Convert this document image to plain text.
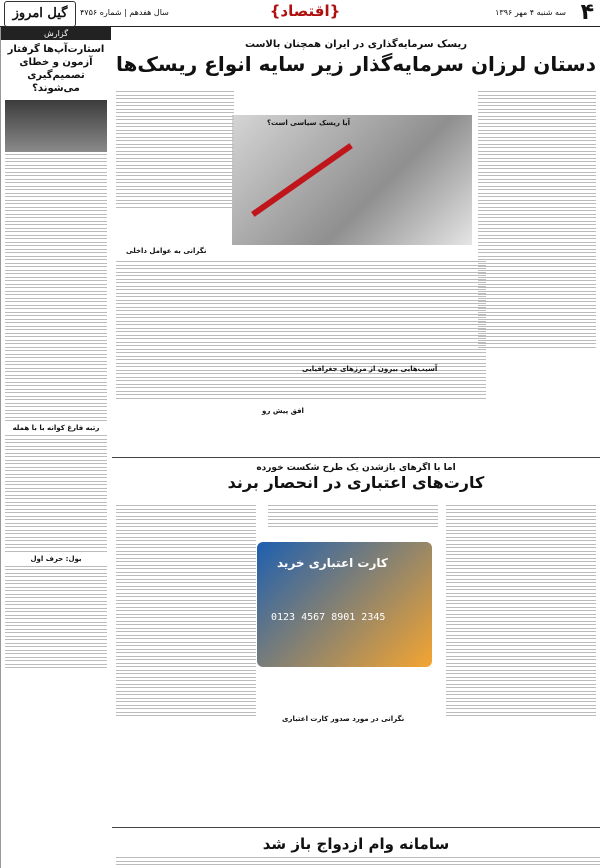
۴
سه شنبه ۴ مهر ۱۳۹۶
{اقتصاد}
سال هفدهم | شماره ۴۷۵۶
گیل امروز
گزارش
استارت‌آپ‌ها گرفتار آزمون و خطای تصمیم‌گیری می‌شوند؟
رتبه فارغ کوانه با با همله
بول: حرف اول
ریسک سرمایه‌گذاری در ایران همچنان بالاست
دستان لرزان سرمایه‌گذار زیر سایه انواع ریسک‌ها
آیا ریسک سیاسی است؟
نگرانی به عوامل داخلی
افق پیش رو
آسیب‌هایی بیرون از مرزهای جغرافیایی
اما با اگرهای بازشدن یک طرح شکست خورده
کارت‌های اعتباری در انحصار برند
کارت اعتباری خرید
0123 4567 8901 2345
نگرانی در مورد صدور کارت اعتباری
سامانه وام ازدواج باز شد
